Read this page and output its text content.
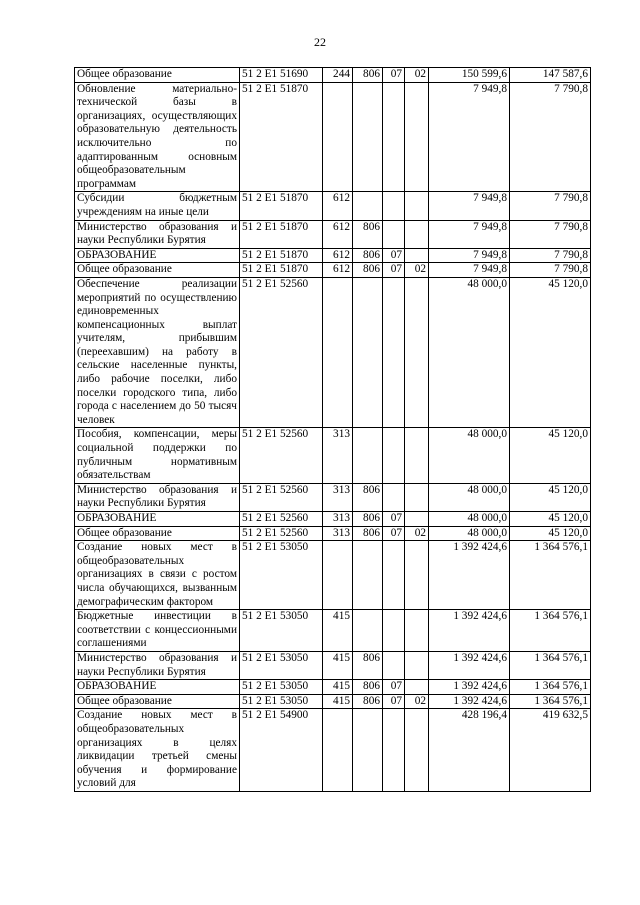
22
Общее образование	51 2 E1 51690	244	806	07	02	150 599,6	147 587,6
Обновление материально-технической базы в организациях, осуществляющих образовательную деятельность исключительно по адаптированным основным общеобразовательным программам	51 2 E1 51870					7 949,8	7 790,8
Субсидии бюджетным учреждениям на иные цели	51 2 E1 51870	612				7 949,8	7 790,8
Министерство образования и науки Республики Бурятия	51 2 E1 51870	612	806			7 949,8	7 790,8
ОБРАЗОВАНИЕ	51 2 E1 51870	612	806	07		7 949,8	7 790,8
Общее образование	51 2 E1 51870	612	806	07	02	7 949,8	7 790,8
Обеспечение реализации мероприятий по осуществлению единовременных компенсационных выплат учителям, прибывшим (переехавшим) на работу в сельские населенные пункты, либо рабочие поселки, либо поселки городского типа, либо города с населением до 50 тысяч человек	51 2 E1 52560					48 000,0	45 120,0
Пособия, компенсации, меры социальной поддержки по публичным нормативным обязательствам	51 2 E1 52560	313				48 000,0	45 120,0
Министерство образования и науки Республики Бурятия	51 2 E1 52560	313	806			48 000,0	45 120,0
ОБРАЗОВАНИЕ	51 2 E1 52560	313	806	07		48 000,0	45 120,0
Общее образование	51 2 E1 52560	313	806	07	02	48 000,0	45 120,0
Создание новых мест в общеобразовательных организациях в связи с ростом числа обучающихся, вызванным демографическим фактором	51 2 E1 53050					1 392 424,6	1 364 576,1
Бюджетные инвестиции в соответствии с концессионными соглашениями	51 2 E1 53050	415				1 392 424,6	1 364 576,1
Министерство образования и науки Республики Бурятия	51 2 E1 53050	415	806			1 392 424,6	1 364 576,1
ОБРАЗОВАНИЕ	51 2 E1 53050	415	806	07		1 392 424,6	1 364 576,1
Общее образование	51 2 E1 53050	415	806	07	02	1 392 424,6	1 364 576,1
Создание новых мест в общеобразовательных организациях в целях ликвидации третьей смены обучения и формирование условий для	51 2 E1 54900					428 196,4	419 632,5
